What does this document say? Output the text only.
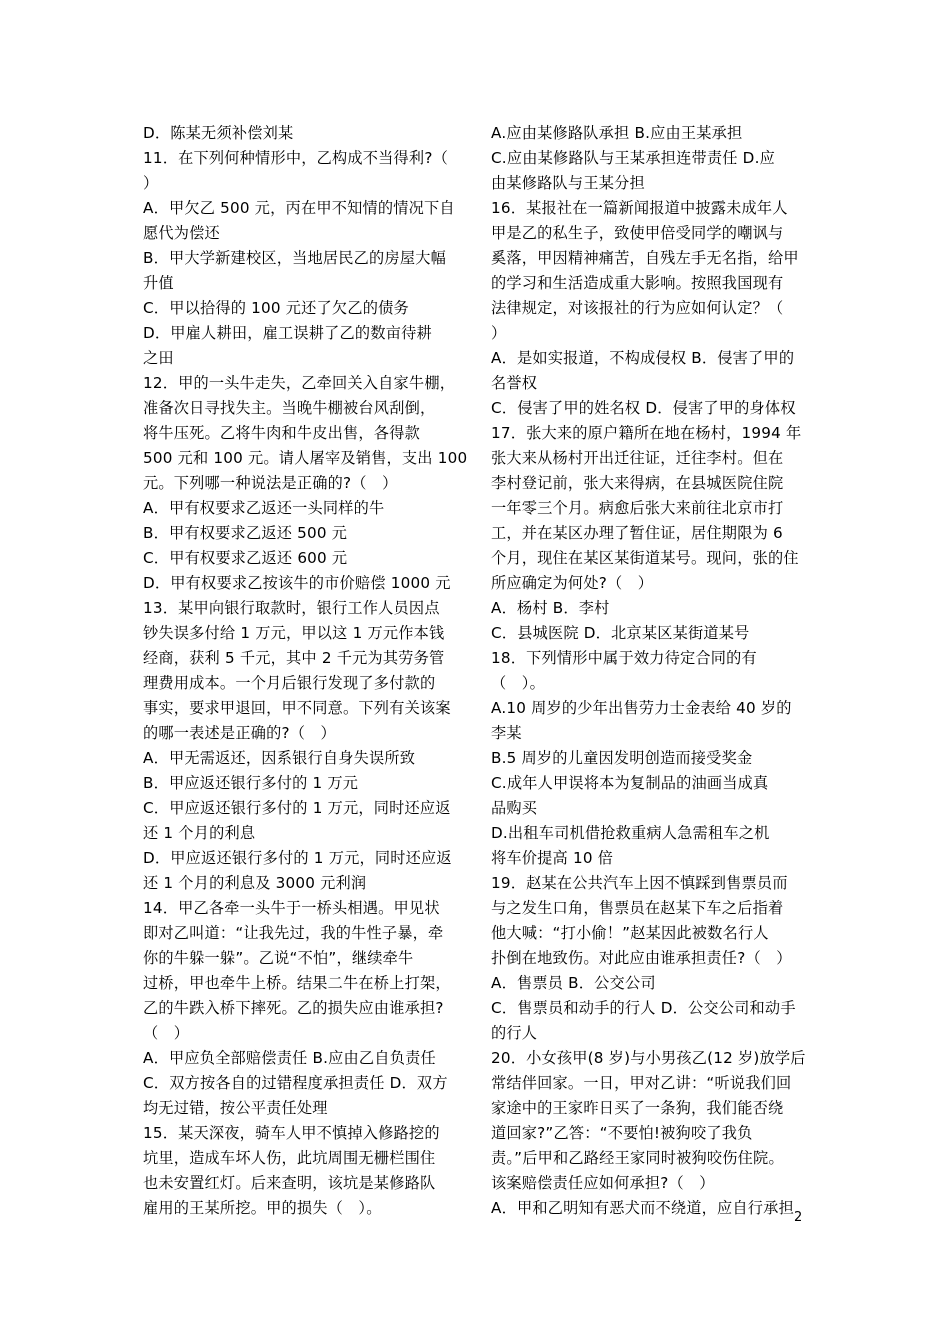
D．陈某无须补偿刘某
11．在下列何种情形中，乙构成不当得利?（
）
A．甲欠乙 500 元，丙在甲不知情的情况下自
愿代为偿还
B．甲大学新建校区，当地居民乙的房屋大幅
升值
C．甲以拾得的 100 元还了欠乙的债务
D．甲雇人耕田，雇工误耕了乙的数亩待耕
之田
12．甲的一头牛走失，乙牵回关入自家牛棚，
准备次日寻找失主。当晚牛棚被台风刮倒，
将牛压死。乙将牛肉和牛皮出售，各得款
500 元和 100 元。请人屠宰及销售，支出 100
元。下列哪一种说法是正确的?（　）
A．甲有权要求乙返还一头同样的牛
B．甲有权要求乙返还 500 元
C．甲有权要求乙返还 600 元
D．甲有权要求乙按该牛的市价赔偿 1000 元
13．某甲向银行取款时，银行工作人员因点
钞失误多付给 1 万元，甲以这 1 万元作本钱
经商，获利 5 千元，其中 2 千元为其劳务管
理费用成本。一个月后银行发现了多付款的
事实，要求甲退回，甲不同意。下列有关该案
的哪一表述是正确的?（　）
A．甲无需返还，因系银行自身失误所致
B．甲应返还银行多付的 1 万元
C．甲应返还银行多付的 1 万元，同时还应返
还 1 个月的利息
D．甲应返还银行多付的 1 万元，同时还应返
还 1 个月的利息及 3000 元利润
14．甲乙各牵一头牛于一桥头相遇。甲见状
即对乙叫道：“让我先过，我的牛性子暴，牵
你的牛躲一躲”。乙说“不怕”，继续牵牛
过桥，甲也牵牛上桥。结果二牛在桥上打架，
乙的牛跌入桥下摔死。乙的损失应由谁承担?
（　）
A．甲应负全部赔偿责任 B.应由乙自负责任
C．双方按各自的过错程度承担责任 D．双方
均无过错，按公平责任处理
15．某天深夜，骑车人甲不慎掉入修路挖的
坑里，造成车坏人伤，此坑周围无栅栏围住
也未安置红灯。后来查明，该坑是某修路队
雇用的王某所挖。甲的损失（　）。
A.应由某修路队承担 B.应由王某承担
C.应由某修路队与王某承担连带责任 D.应
由某修路队与王某分担
16．某报社在一篇新闻报道中披露未成年人
甲是乙的私生子，致使甲倍受同学的嘲讽与
奚落，甲因精神痛苦，自残左手无名指，给甲
的学习和生活造成重大影响。按照我国现有
法律规定，对该报社的行为应如何认定？（
）
A．是如实报道，不构成侵权 B．侵害了甲的
名誉权
C．侵害了甲的姓名权 D．侵害了甲的身体权
17．张大来的原户籍所在地在杨村，1994 年
张大来从杨村开出迁往证，迁往李村。但在
李村登记前，张大来得病，在县城医院住院
一年零三个月。病愈后张大来前往北京市打
工，并在某区办理了暂住证，居住期限为 6
个月，现住在某区某街道某号。现问，张的住
所应确定为何处?（　）
A．杨村 B．李村
C．县城医院 D．北京某区某街道某号
18．下列情形中属于效力待定合同的有
（　）。
A.10 周岁的少年出售劳力士金表给 40 岁的
李某
B.5 周岁的儿童因发明创造而接受奖金
C.成年人甲误将本为复制品的油画当成真
品购买
D.出租车司机借抢救重病人急需租车之机
将车价提高 10 倍
19．赵某在公共汽车上因不慎踩到售票员而
与之发生口角，售票员在赵某下车之后指着
他大喊：“打小偷！”赵某因此被数名行人
扑倒在地致伤。对此应由谁承担责任?（　）
A．售票员 B．公交公司
C．售票员和动手的行人 D．公交公司和动手
的行人
20．小女孩甲(8 岁)与小男孩乙(12 岁)放学后
常结伴回家。一日，甲对乙讲：“听说我们回
家途中的王家昨日买了一条狗，我们能否绕
道回家?”乙答：“不要怕!被狗咬了我负
责。”后甲和乙路经王家同时被狗咬伤住院。
该案赔偿责任应如何承担?（　）
A．甲和乙明知有恶犬而不绕道，应自行承担
2
